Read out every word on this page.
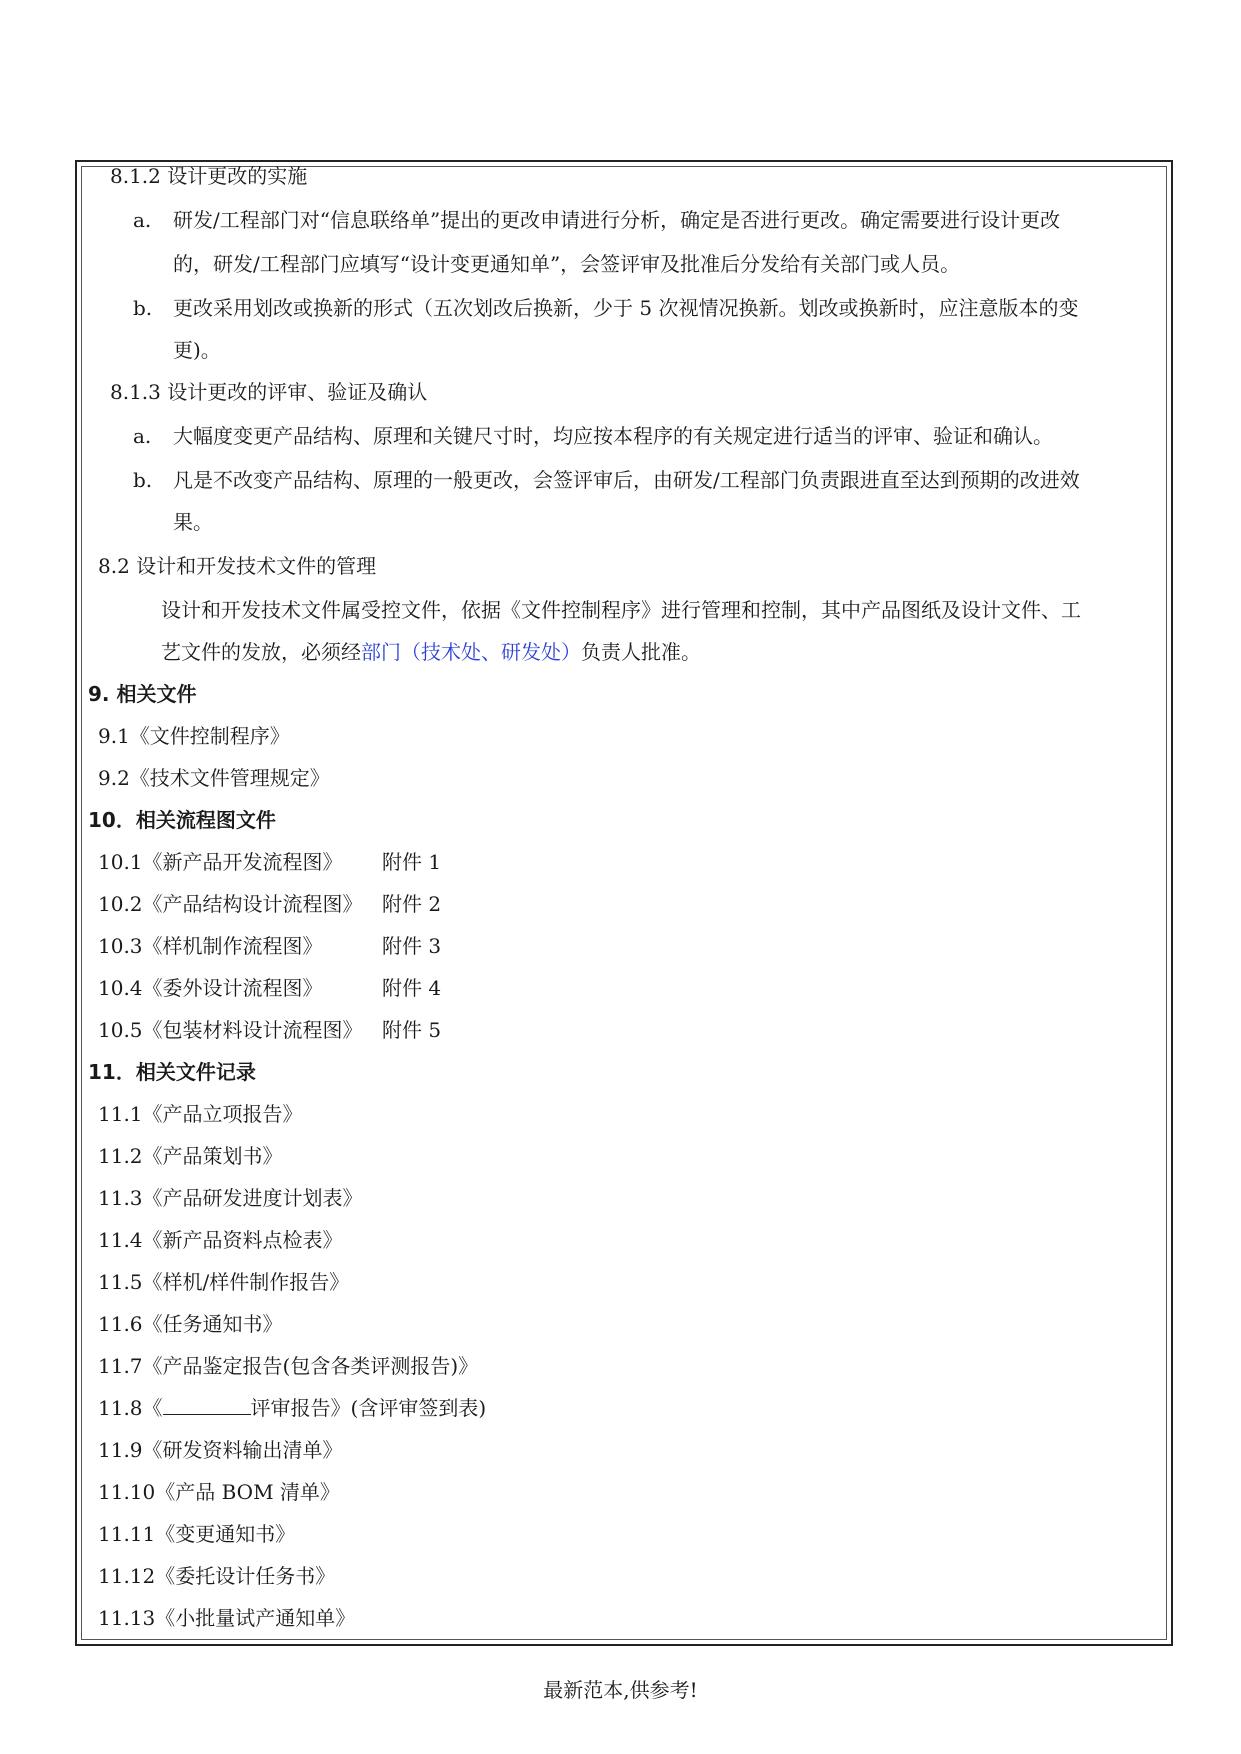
8.1.2 设计更改的实施
a. 研发/工程部门对“信息联络单”提出的更改申请进行分析，确定是否进行更改。确定需要进行设计更改
的，研发/工程部门应填写“设计变更通知单”，会签评审及批准后分发给有关部门或人员。
b. 更改采用划改或换新的形式（五次划改后换新，少于 5 次视情况换新。划改或换新时，应注意版本的变
更)。
8.1.3 设计更改的评审、验证及确认
a. 大幅度变更产品结构、原理和关键尺寸时，均应按本程序的有关规定进行适当的评审、验证和确认。
b. 凡是不改变产品结构、原理的一般更改，会签评审后，由研发/工程部门负责跟进直至达到预期的改进效
果。
8.2 设计和开发技术文件的管理
设计和开发技术文件属受控文件，依据《文件控制程序》进行管理和控制，其中产品图纸及设计文件、工
艺文件的发放，必须经部门（技术处、研发处）负责人批准。
9. 相关文件
9.1《文件控制程序》
9.2《技术文件管理规定》
10．相关流程图文件
10.1《新产品开发流程图》 附件 1
10.2《产品结构设计流程图》 附件 2
10.3《样机制作流程图》	附件 3
10.4《委外设计流程图》	附件 4
10.5《包装材料设计流程图》 附件 5
11．相关文件记录
11.1《产品立项报告》
11.2《产品策划书》
11.3《产品研发进度计划表》
11.4《新产品资料点检表》
11.5《样机/样件制作报告》
11.6《任务通知书》
11.7《产品鉴定报告(包含各类评测报告)》
11.8《	评审报告》(含评审签到表)
11.9《研发资料输出清单》
11.10《产品 BOM 清单》
11.11《变更通知书》
11.12《委托设计任务书》
11.13《小批量试产通知单》
最新范本,供参考!
